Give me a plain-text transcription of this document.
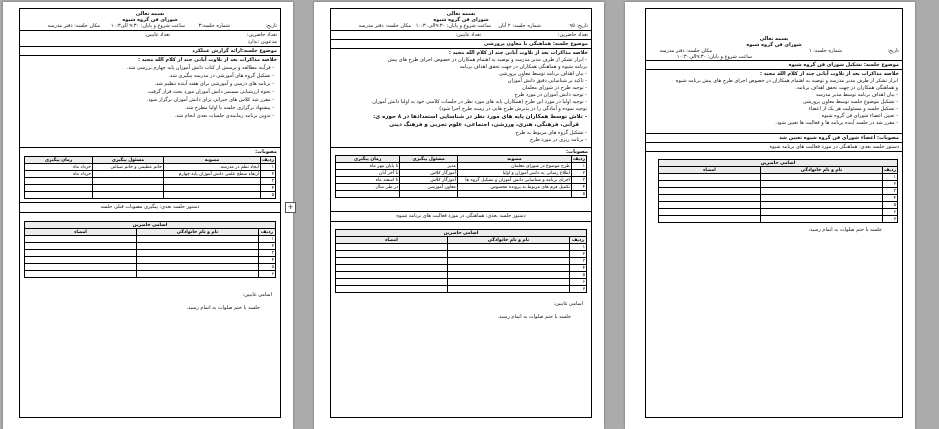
بسمه تعالی
شورای فن گروه شیوه
تاریخ:
شماره جلسه:۳
ساعت شروع و پایان: ۹:۳۰ الی۱۰:۳
مکان جلسه: دفتر مدرسه
تعداد حاضرین:
تعداد غایبین:
مدعوین :ندارد
موضوع جلسه:ارائه گزارش عملکرد
خلاصه مذاکرات بعد از تلاوت آیاتی چند از کلام الله مجید :
- فرآیند مطالعه و پرسش از کتاب دانش آموزان پایه چهارم بررسی شد.
- تشکیل گروه های آموزشی در مدرسه پیگیری شد.
- برنامه های درسی و آموزشی برای هفته آینده تنظیم شد.
- نحوه ارزشیابی مستمر دانش آموزان مورد بحث قرار گرفت.
- مقرر شد کلاس های جبرانی برای دانش آموزان برگزار شود.
- پیشنهاد برگزاری جلسه با اولیا مطرح شد.
- تدوین برنامه زمانبندی جلسات بعدی انجام شد.
مصوبات:
زمان پیگیری	مسئول پیگیری	مصوبه	ردیف
خرداد ماه	خانم عظیمی و خانم صباغی	ایجاد نظم در مدرسه.	۱
خرداد ماه		ارتقاء سطح علمی دانش آموزان پایه چهارم	۲
			۳
			۴
			۵
دستور جلسه بعدی: پیگیری مصوبات قبلی جلسه
اسامی حاضرین		
امضاء	نام و نام خانوادگی	ردیف
		۱
		۲
		۳
		۴
		۵
		۶
اسامی غایبین:
جلسه با ختم صلوات به اتمام رسید.
+
بسمه تعالی
شورای فن گروه شیوه
تاریخ: ۹۵
شماره جلسه: ۲ آبان
ساعت شروع و پایان: ۹:۳۰الی۱۰:۳۰
مکان جلسه: دفتر مدرسه
تعداد حاضرین:
تعداد غایبین:
موضوع جلسه: هماهنگی با معاون پرورشی
خلاصه مذاکرات بعد از تلاوت آیاتی چند از کلام الله مجید :
- ابراز تشکر از طرف مدیر مدرسه و توصیه به اهتمام همکاران در خصوص اجرای طرح های پیش
برنامه شیوه و هماهنگی همکاران در جهت تحقق اهداف برنامه
- بیان اهداف برنامه توسط معاون پرورشی
- تاکید بر شناسایی دقیق دانش آموزان
- توجیه طرح در شورای معلمان
- توجیه دانش آموزان در مورد طرح
- توجیه اولیا در مورد این طرح (همکاران پایه های مورد نظر در جلسات کلاسی خود به اولیا دانش آموزان
توجیه نموده و آمادگی را در پذیرش طرح هایی در زمینه طرح اجرا شود)
- تلاش توسط همکاران پایه های مورد نظر در شناسایی استعدادها در ۸ حوزه ی:
قرآنی، فرهنگی، هنری، ورزشی، اجتماعی، علوم تجربی و فرهنگ دینی
- تشکیل گروه های مربوط به طرح
- برنامه ریزی در مورد طرح
مصوبات:
زمان پیگیری	مسئول پیگیری	مصوبه	ردیف
تا پایان مهر ماه	مدیر	طرح موضوع در شورای معلمان	۱
تا آخر آبان	آموزگار کلاس	اطلاع رسانی به دانش آموزان و اولیا	۲
تا اسفند ماه	آموزگار کلاس	اجرای برنامه و شناسایی دانش آموزان و تشکیل گروه ها	۳
در طی سال	معاون آموزشی	تکمیل فرم های مربوط به پرونده مخصوص	۴
			۵
دستور جلسه بعدی: هماهنگی در مورد فعالیت های برنامه شیوه
اسامی حاضرین		
امضاء	نام و نام خانوادگی	ردیف
		۱
		۲
		۳
		۴
		۵
		۶
		۷
اسامی غایبین:
جلسه با ختم صلوات به اتمام رسید.
بسمه تعالی
شورای فن گروه شیوه
تاریخ:
شماره جلسه: ۱
مکان جلسه: دفتر مدرسه
ساعت شروع و پایان: ۹:۳۰الی۱۰:۳۰
موضوع جلسه: تشکیل شورای فن گروه شیوه
خلاصه مذاکرات بعد از تلاوت آیاتی چند از کلام الله مجید :
ابراز تشکر از طرف مدیر مدرسه و توصیه به اهتمام همکاران در خصوص اجرای طرح های پیش برنامه شیوه
و هماهنگی همکاران در جهت تحقق اهداف برنامه.
- بیان اهداف برنامه توسط مدیر مدرسه
- تشکیل موضوع جلسه توسط معاون پرورشی
- تشکیل جلسه و مسئولیت هر یک از اعضاء
- تعیین اعضاء شورای فن گروه شیوه
- مقرر شد در جلسه آینده برنامه ها و فعالیت ها تعیین شود.
مصوبات: اعضاء شورای فن گروه شیوه تعیین شد
دستور جلسه بعدی: هماهنگی در مورد فعالیت های برنامه شیوه
اسامی حاضرین		
امضاء	نام و نام خانوادگی	ردیف
		۱
		۲
		۳
		۴
		۵
		۶
		۷
جلسه با ختم صلوات به اتمام رسید.
